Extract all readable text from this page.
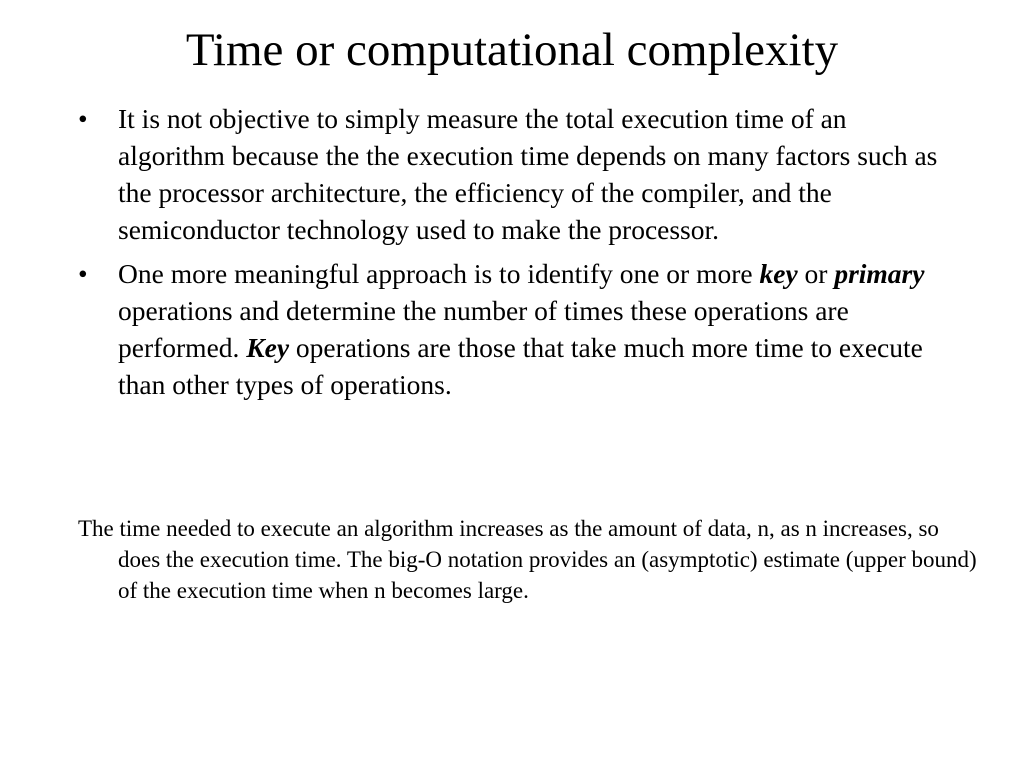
Time or computational complexity
• It is not objective to simply measure the total execution time of an algorithm because the the execution time depends on many factors such as the processor architecture, the efficiency of the compiler, and the semiconductor technology used to make the processor.
• One more meaningful approach is to identify one or more key or primary operations and determine the number of times these operations are performed. Key operations are those that take much more time to execute than other types of operations.

The time needed to execute an algorithm increases as the amount of data, n, as n increases, so does the execution time. The big-O notation provides an (asymptotic) estimate (upper bound) of the execution time when n becomes large.
